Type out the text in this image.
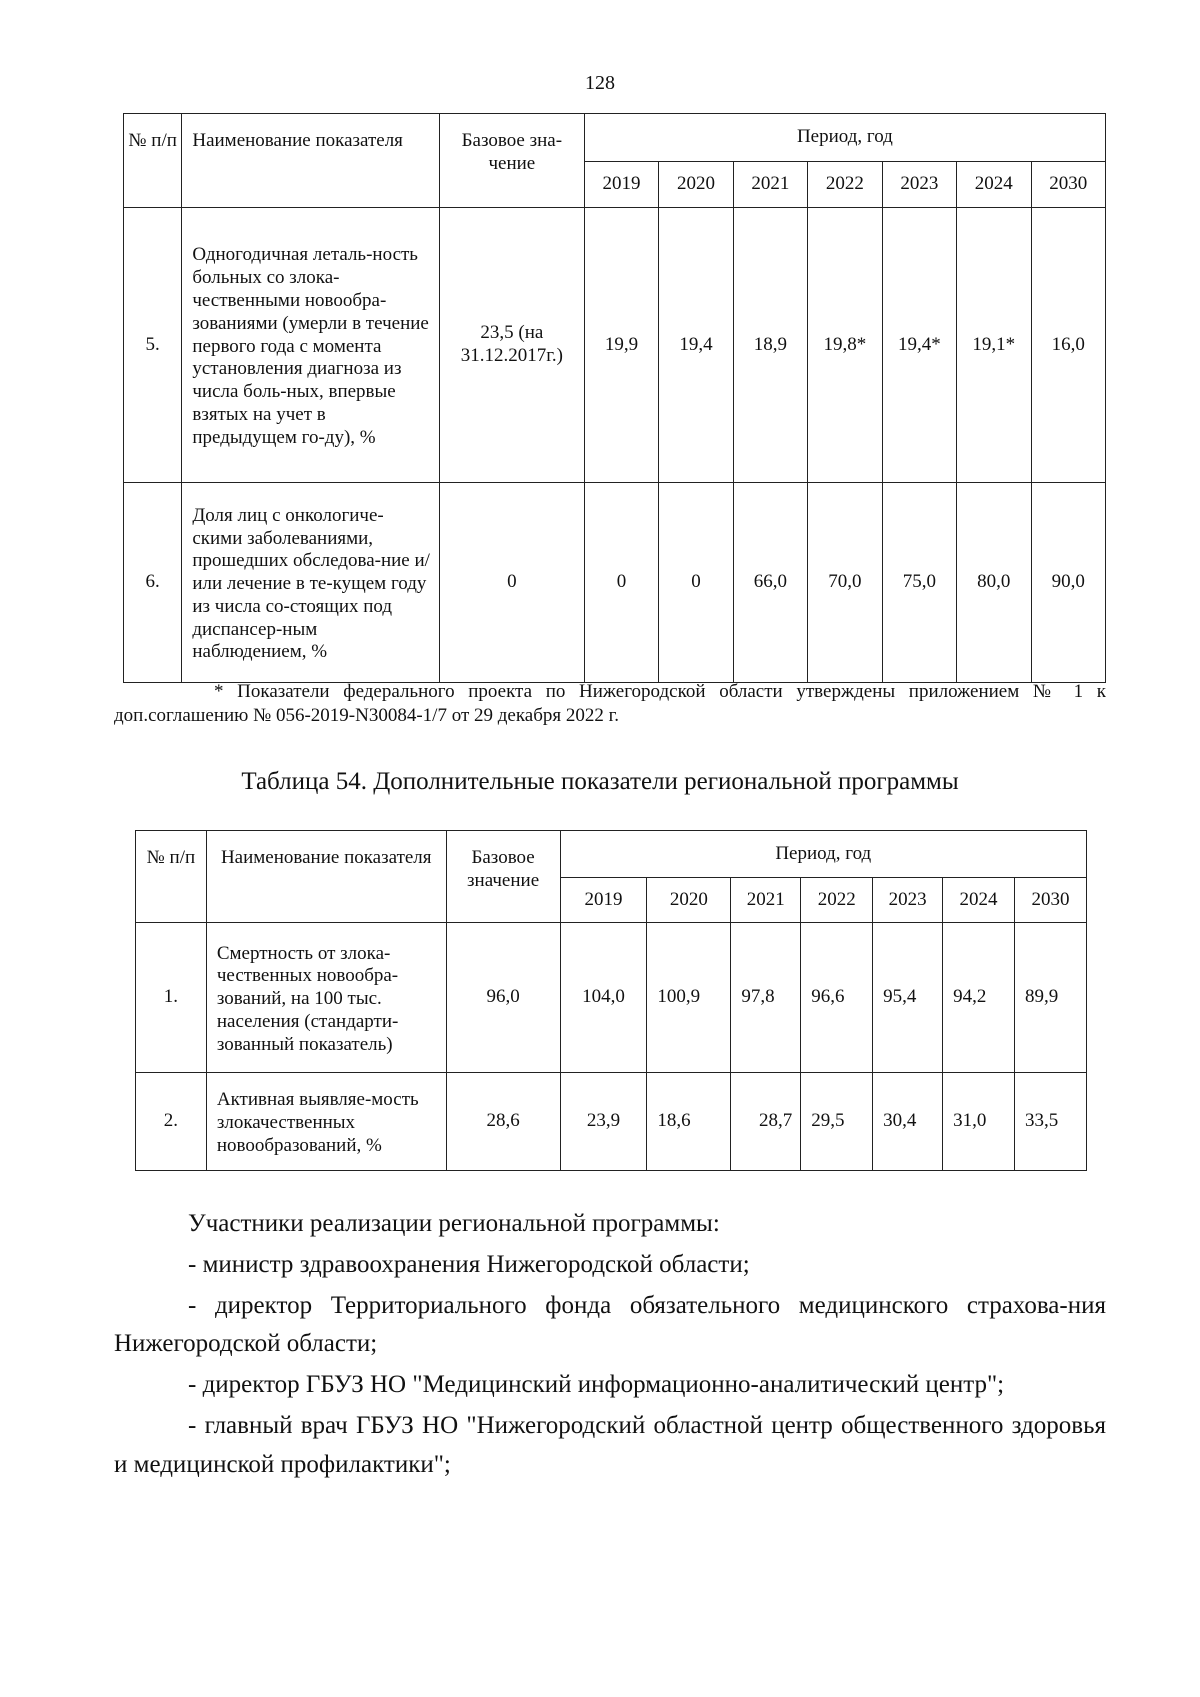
128
№ п/п	Наименование показателя	Базовое зна-чение	Период, год						
			2019	2020	2021	2022	2023	2024	2030
5.	Одногодичная леталь-ность больных со злока-чественными новообра-зованиями (умерли в течение первого года с момента установления диагноза из числа боль-ных, впервые взятых на учет в предыдущем го-ду), %	23,5 (на 31.12.2017г.)	19,9	19,4	18,9	19,8*	19,4*	19,1*	16,0
6.	Доля лиц с онкологиче-скими заболеваниями, прошедших обследова-ние и/или лечение в те-кущем году из числа со-стоящих под диспансер-ным наблюдением, %	0	0	0	66,0	70,0	75,0	80,0	90,0
* Показатели федерального проекта по Нижегородской области утверждены приложением № 1 к доп.соглашению № 056-2019-N30084-1/7 от 29 декабря 2022 г.
Таблица 54. Дополнительные показатели региональной программы
№ п/п	Наименование показателя	Базовое значение	Период, год						
			2019	2020	2021	2022	2023	2024	2030
1.	Смертность от злока-чественных новообра-зований, на 100 тыс. населения (стандарти-зованный показатель)	96,0	104,0	100,9	97,8	96,6	95,4	94,2	89,9
2.	Активная выявляе-мость злокачественных новообразований, %	28,6	23,9	18,6	28,7	29,5	30,4	31,0	33,5

Участники реализации региональной программы:

- министр здравоохранения Нижегородской области;

- директор Территориального фонда обязательного медицинского страхова-ния Нижегородской области;

- директор ГБУЗ НО "Медицинский информационно-аналитический центр";

- главный врач ГБУЗ НО "Нижегородский областной центр общественного здоровья и медицинской профилактики";
